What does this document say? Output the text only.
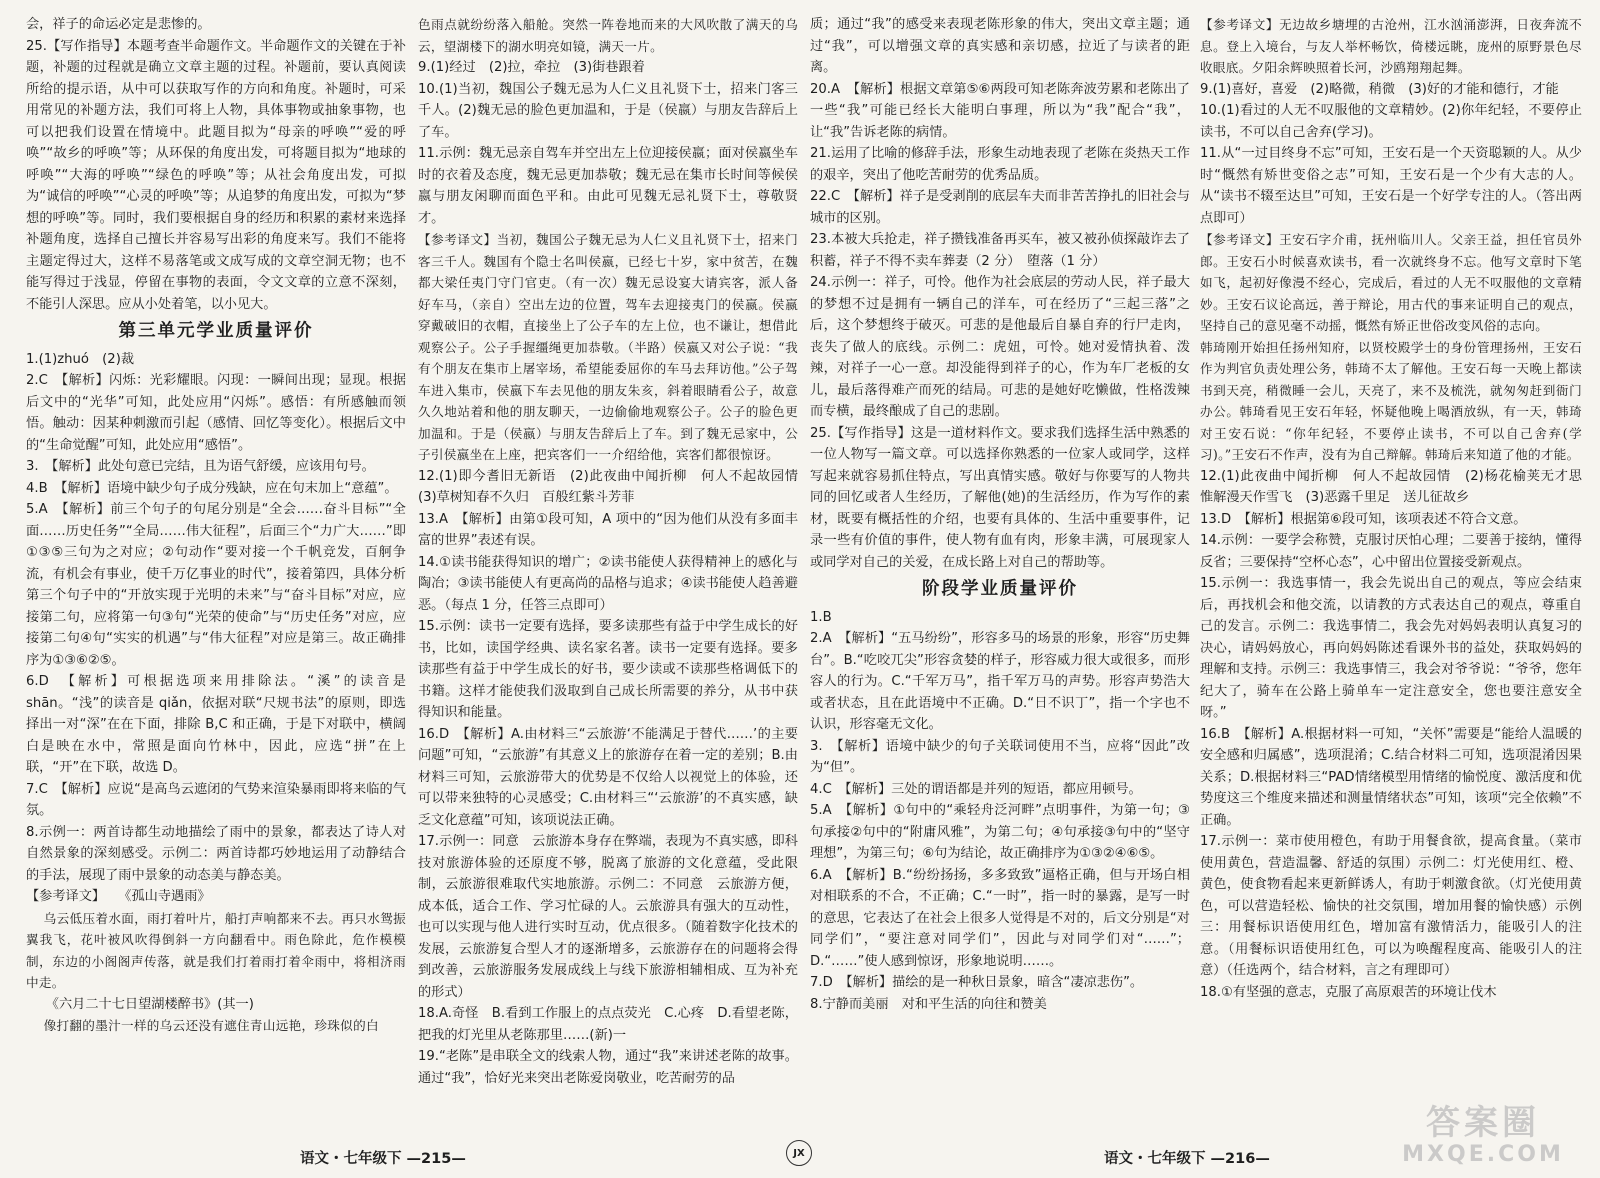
会，祥子的命运必定是悲惨的。

25.【写作指导】本题考查半命题作文。半命题作文的关键在于补题，补题的过程就是确立文章主题的过程。补题前，要认真阅读所给的提示语，从中可以获取写作的方向和角度。补题时，可采用常见的补题方法，我们可将上人物，具体事物或抽象事物，也可以把我们设置在情境中。此题目拟为“母亲的呼唤”“爱的呼唤”“故乡的呼唤”等；从环保的角度出发，可将题目拟为“地球的呼唤”“大海的呼唤”“绿色的呼唤”等；从社会角度出发，可拟为“诚信的呼唤”“心灵的呼唤”等；从追梦的角度出发，可拟为“梦想的呼唤”等。同时，我们要根据自身的经历和积累的素材来选择补题角度，选择自己擅长并容易写出彩的角度来写。我们不能将主题定得过大，这样不易落笔或文成写成的文章空洞无物；也不能写得过于浅显，停留在事物的表面，令文文章的立意不深刻，不能引人深思。应从小处着笔，以小见大。

第三单元学业质量评价

1.(1)zhuó　(2)裁

2.C　【解析】闪烁：光彩耀眼。闪现：一瞬间出现；显现。根据后文中的“光华”可知，此处应用“闪烁”。感悟：有所感触而领悟。触动：因某种刺激而引起（感情、回忆等变化）。根据后文中的“生命觉醒”可知，此处应用“感悟”。

3.　【解析】此处句意已完结，且为语气舒缓，应该用句号。

4.B　【解析】语境中缺少句子成分残缺，应在句末加上“意蕴”。

5.A　【解析】前三个句子的句尾分别是“全会……奋斗目标”“全面……历史任务”“全局……伟大征程”，后面三个“力广大……”即①③⑤三句为之对应；②句动作“要对接一个千帆竞发，百舸争流，有机会有事业，使千万亿事业的时代”，接着第四，具体分析第三个句子中的“开放实现于光明的未来”与“奋斗目标”对应，应接第二句，应将第一句③句“光荣的使命”与“历史任务”对应，应接第二句④句“实实的机遇”与“伟大征程”对应是第三。故正确排序为①③⑥②⑤。

6.D　【解析】可根据选项来用排除法。“溪”的读音是 shān。“浅”的读音是 qiǎn，依据对联“尺规书法”的原则，即选择出一对“深”在在下面，排除 B,C 和正确，于是下对联中，横阔白是映在水中，常照是面向竹林中，因此，应选“拼”在上联，“开”在下联，故选 D。

7.C　【解析】应说“是高鸟云遮闭的气势来渲染暴雨即将来临的气氛。

8.示例一：两首诗都生动地描绘了雨中的景象，都表达了诗人对自然景象的深刻感受。示例二：两首诗都巧妙地运用了动静结合的手法，展现了雨中景象的动态美与静态美。

【参考译文】　　《孤山寺遇雨》

乌云低压着水面，雨打着叶片，船打声响都来不去。再只水鸳振翼我飞，花叶被风吹得倒斜一方向翻看中。雨色除此，危作模模制，东边的小阁阁声传落，就是我们打着雨打着伞雨中，将相济雨中走。

　　《六月二十七日望湖楼醉书》(其一)

像打翻的墨汁一样的乌云还没有遮住青山远艳，珍珠似的白

色雨点就纷纷落入船舱。突然一阵卷地而来的大风吹散了满天的乌云，望湖楼下的湖水明亮如镜，满天一片。

9.(1)经过　(2)拉，牵拉　(3)街巷跟着

10.(1)当初，魏国公子魏无忌为人仁义且礼贤下士，招来门客三千人。(2)魏无忌的脸色更加温和，于是（侯嬴）与朋友告辞后上了车。

11.示例：魏无忌亲自驾车并空出左上位迎接侯嬴；面对侯嬴坐车时的衣着及态度，魏无忌更加恭敬；魏无忌在集市长时间等候侯嬴与朋友闲聊而面色平和。由此可见魏无忌礼贤下士，尊敬贤才。

【参考译文】当初，魏国公子魏无忌为人仁义且礼贤下士，招来门客三千人。魏国有个隐士名叫侯嬴，已经七十岁，家中贫苦，在魏都大梁任夷门守门官吏。（有一次）魏无忌设宴大请宾客，派人备好车马，（亲自）空出左边的位置，驾车去迎接夷门的侯嬴。侯嬴穿戴破旧的衣帽，直接坐上了公子车的左上位，也不谦让，想借此观察公子。公子手握缰绳更加恭敬。（半路）侯嬴又对公子说：“我有个朋友在集市上屠宰场，希望能委屈你的车马去拜访他。”公子驾车进入集市，侯嬴下车去见他的朋友朱亥，斜着眼睛看公子，故意久久地站着和他的朋友聊天，一边偷偷地观察公子。公子的脸色更加温和。于是（侯嬴）与朋友告辞后上了车。到了魏无忌家中，公子引侯嬴坐在上座，把宾客们一一介绍给他，宾客们都很惊讶。

12.(1)即今耆旧无新语　(2)此夜曲中闻折柳　何人不起故园情　(3)草树知春不久归　百般红紫斗芳菲

13.A　【解析】由第①段可知，A 项中的“因为他们从没有多面丰富的世界”表述有误。

14.①读书能获得知识的增广；②读书能使人获得精神上的感化与陶冶；③读书能使人有更高尚的品格与追求；④读书能使人趋善避恶。（每点 1 分，任答三点即可）

15.示例：读书一定要有选择，要多读那些有益于中学生成长的好书，比如，读国学经典、读名家名著。读书一定要有选择。要多读那些有益于中学生成长的好书，要少读或不读那些格调低下的书籍。这样才能使我们汲取到自己成长所需要的养分，从书中获得知识和能量。

16.D　【解析】A.由材料三“云旅游‘不能满足于替代……’的主要问题”可知，“云旅游”有其意义上的旅游存在着一定的差别；B.由材料三可知，云旅游带大的优势是不仅给人以视觉上的体验，还可以带来独特的心灵感受；C.由材料三“‘云旅游’的不真实感，缺乏文化意蕴”可知，该项说法正确。

17.示例一：同意　云旅游本身存在弊端，表现为不真实感，即科技对旅游体验的还原度不够，脱离了旅游的文化意蕴，受此限制，云旅游很难取代实地旅游。示例二：不同意　云旅游方便，成本低，适合工作、学习忙碌的人。云旅游具有强大的互动性，也可以实现与他人进行实时互动，优点很多。（随着数字化技术的发展，云旅游复合型人才的逐渐增多，云旅游存在的问题将会得到改善，云旅游服务发展成线上与线下旅游相辅相成、互为补充的形式）

18.A.奇怪　B.看到工作服上的点点荧光　C.心疼　D.看望老陈，把我的灯光里从老陈那里……(新)一

19.“老陈”是串联全文的线索人物，通过“我”来讲述老陈的故事。通过“我”，恰好光来突出老陈爱岗敬业，吃苦耐劳的品

质；通过“我”的感受来表现老陈形象的伟大，突出文章主题；通过“我”，可以增强文章的真实感和亲切感，拉近了与读者的距离。

20.A　【解析】根据文章第⑤⑥两段可知老陈奔波劳累和老陈出了一些“我”可能已经长大能明白事理，所以为“我”配合“我”，让“我”告诉老陈的病情。

21.运用了比喻的修辞手法，形象生动地表现了老陈在炎热天工作的艰辛，突出了他吃苦耐劳的优秀品质。

22.C　【解析】祥子是受剥削的底层车夫而非苦苦挣扎的旧社会与城市的区别。

23.本被大兵抢走，祥子攒钱准备再买车，被又被孙侦探敲诈去了积蓄，祥子不得不卖车葬妻（2 分）　堕落（1 分）

24.示例一：祥子，可怜。他作为社会底层的劳动人民，祥子最大的梦想不过是拥有一辆自己的洋车，可在经历了“三起三落”之后，这个梦想终于破灭。可悲的是他最后自暴自弃的行尸走肉，丧失了做人的底线。示例二：虎妞，可怜。她对爱情执着、泼辣，对祥子一心一意。却没能得到祥子的心，作为车厂老板的女儿，最后落得难产而死的结局。可悲的是她好吃懒做，性格泼辣而专横，最终酿成了自己的悲剧。

25.【写作指导】这是一道材料作文。要求我们选择生活中熟悉的一位人物写一篇文章。可以选择你熟悉的一位家人或同学，这样写起来就容易抓住特点，写出真情实感。敬好与你要写的人物共同的回忆或者人生经历，了解他(她)的生活经历，作为写作的素材，既要有概括性的介绍，也要有具体的、生活中重要事件，记录一些有价值的事件，使人物有血有肉，形象丰满，可展现家人或同学对自己的关爱，在成长路上对自己的帮助等。

阶段学业质量评价

1.B

2.A　【解析】“五马纷纷”，形容多马的场景的形象，形容“历史舞台”。B.“吃咬兀尖”形容贪婪的样子，形容威力很大或很多，而形容人的行为。C.“千军万马”，指千军万马的声势。形容声势浩大或者状态，且在此语境中不正确。D.“日不识丁”，指一个字也不认识，形容毫无文化。

3.　【解析】语境中缺少的句子关联词使用不当，应将“因此”改为“但”。

4.C　【解析】三处的谓语都是并列的短语，都应用顿号。

5.A　【解析】①句中的“乘轻舟泛河畔”点明事件，为第一句；③句承接②句中的“附庸风雅”，为第二句；④句承接③句中的“坚守理想”，为第三句；⑥句为结论，故正确排序为①③②④⑥⑤。

6.A　【解析】B.“纷纷扬扬，多多致致”逼格正确，但与开场白相对相联系的不合，不正确；C.“一时”，指一时的暴露，是写一时的意思，它表达了在社会上很多人觉得是不对的，后文分别是“对同学们”，“要注意对同学们”，因此与对同学们对“……”；D.“……”使人感到惊讶，形象地说明……。

7.D　【解析】描绘的是一种秋日景象，暗含“凄凉悲伤”。

8.宁静而美丽　对和平生活的向往和赞美

【参考译文】无边故乡塘埋的古沧州，江水汹涌澎湃，日夜奔流不息。登上入境台，与友人举杯畅饮，倚楼远眺，庞州的原野景色尽收眼底。夕阳余辉映照着长河，沙鸥翔翔起舞。

9.(1)喜好，喜爱　(2)略微，稍微　(3)好的才能和德行，才能

10.(1)看过的人无不叹服他的文章精妙。(2)你年纪轻，不要停止读书，不可以自己舍弃(学习)。

11.从“一过目终身不忘”可知，王安石是一个天资聪颖的人。从少时“慨然有矫世变俗之志”可知，王安石是一个少有大志的人。从“读书不辍至达旦”可知，王安石是一个好学专注的人。（答出两点即可）

【参考译文】王安石字介甫，抚州临川人。父亲王益，担任官员外郎。王安石小时候喜欢读书，看一次就终身不忘。他写文章时下笔如飞，起初好像漫不经心，完成后，看过的人无不叹服他的文章精妙。王安石议论高远，善于辩论，用古代的事来证明自己的观点，坚持自己的意见毫不动摇，慨然有矫正世俗改变风俗的志向。

韩琦刚开始担任扬州知府，以贤校殿学士的身份管理扬州，王安石作为判官负责处理公务，韩琦不太了解他。王安石每一天晚上都读书到天亮，稍微睡一会儿，天亮了，来不及梳洗，就匆匆赶到衙门办公。韩琦看见王安石年轻，怀疑他晚上喝酒放纵，有一天，韩琦对王安石说：“你年纪轻，不要停止读书，不可以自己舍弃(学习)。”王安石不作声，没有为自己辩解。韩琦后来知道了他的才能。

12.(1)此夜曲中闻折柳　何人不起故园情　(2)杨花榆荚无才思　惟解漫天作雪飞　(3)恶露千里足　送儿征故乡

13.D　【解析】根据第⑥段可知，该项表述不符合文意。

14.示例：一要学会称赞，克服讨厌怕心理；二要善于接纳，懂得反省；三要保持“空杯心态”，心中留出位置接受新观点。

15.示例一：我选事情一，我会先说出自己的观点，等应会结束后，再找机会和他交流，以请教的方式表达自己的观点，尊重自己的发言。示例二：我选事情二，我会先对妈妈表明认真复习的决心，请妈妈放心，再向妈妈陈述看课外书的益处，获取妈妈的理解和支持。示例三：我选事情三，我会对爷爷说：“爷爷，您年纪大了，骑车在公路上骑单车一定注意安全，您也要注意安全呀。”

16.B　【解析】A.根据材料一可知，“关怀”需要是“能给人温暖的安全感和归属感”，选项混淆；C.结合材料二可知，选项混淆因果关系；D.根据材料三“PAD情绪模型用情绪的愉悦度、激活度和优势度这三个维度来描述和测量情绪状态”可知，该项“完全依赖”不正确。

17.示例一：菜市使用橙色，有助于用餐食欲，提高食量。（菜市使用黄色，营造温馨、舒适的氛围）示例二：灯光使用红、橙、黄色，使食物看起来更新鲜诱人，有助于刺激食欲。（灯光使用黄色，可以营造轻松、愉快的社交氛围，增加用餐的愉快感）示例三：用餐标识语使用红色，增加富有激情活力，能吸引人的注意。（用餐标识语使用红色，可以为唤醒程度高、能吸引人的注意）（任选两个，结合材料，言之有理即可）

18.①有坚强的意志，克服了高原艰苦的环境让伐木

语文・七年级下 —215—	JX	语文・七年级下 —216—
答案圈
MXQE.COM
